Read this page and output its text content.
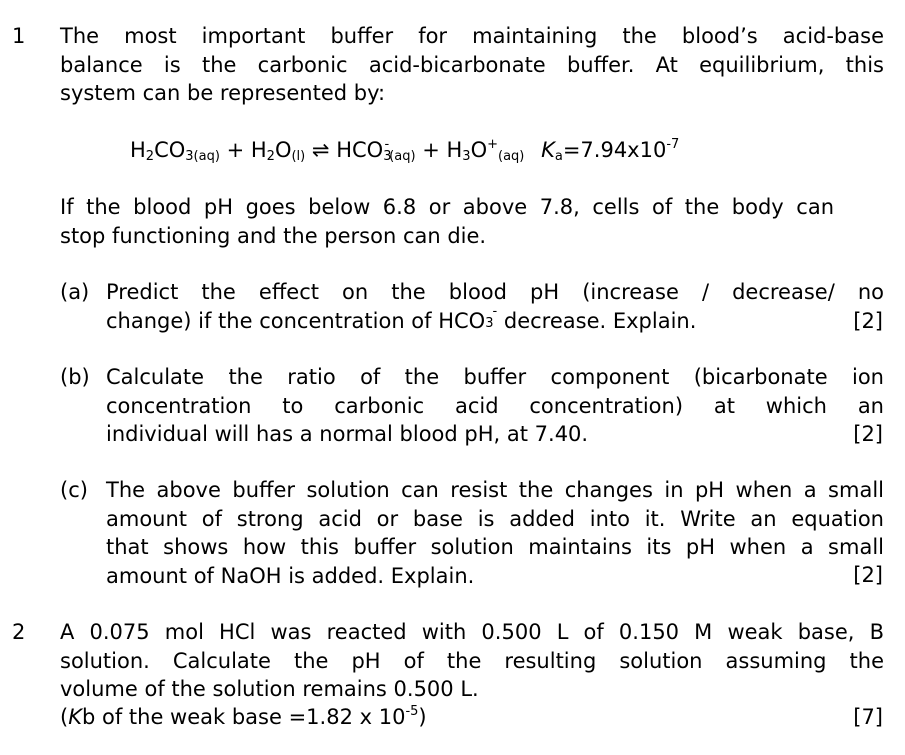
1 The most important buffer for maintaining the blood’s acid-base
balance is the carbonic acid-bicarbonate buffer. At equilibrium, this
system can be represented by:
H2CO3(aq) + H2O(l) ⇌ HCO3-(aq) + H3O+(aq) $Ka=7.94x10^{-7}$
If the blood pH goes below 6.8 or above 7.8, cells of the body can
stop functioning and the person can die.
(a) Predict the effect on the blood pH (increase / decrease/ no
change) if the concentration of HCO 3
- decrease. Explain.	[2]
(b) Calculate the ratio of the buffer component (bicarbonate ion
concentration to carbonic acid concentration) at which an
individual will has a normal blood pH, at 7.40.	[2]
(c) The above buffer solution can resist the changes in pH when a small
amount of strong acid or base is added into it. Write an equation
that shows how this buffer solution maintains its pH when a small
amount of NaOH is added. Explain.	[2]
2 A 0.075 mol HCl was reacted with 0.500 L of 0.150 M weak base, B
solution. Calculate the pH of the resulting solution assuming the
volume of the solution remains 0.500 L.
(Kb of the weak base =1.82 x $10^{-5}$)	[7]
